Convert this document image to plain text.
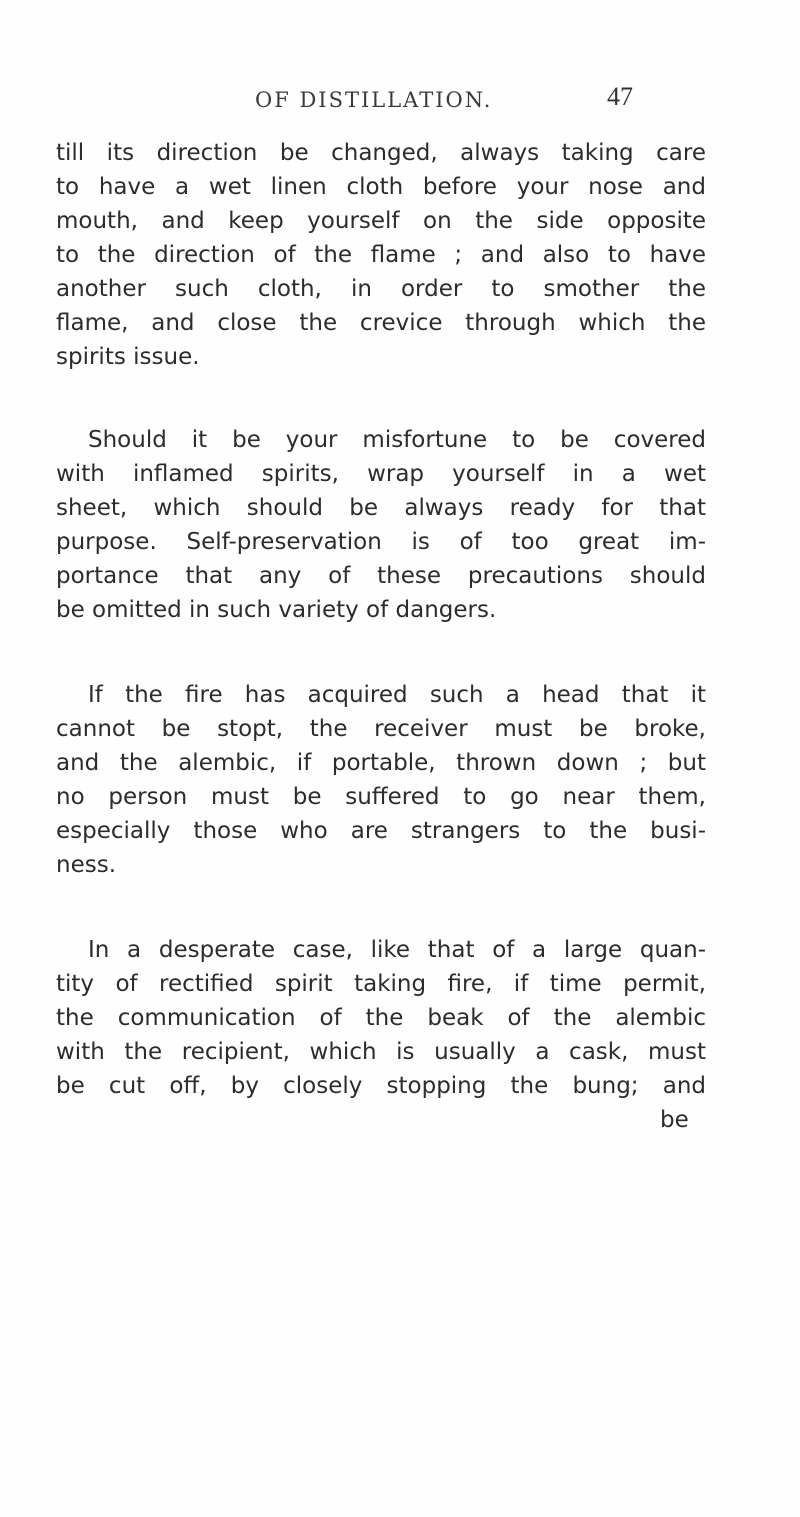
OF DISTILLATION.	47
till its direction be changed, always taking care
to have a wet linen cloth before your nose and
mouth, and keep yourself on the side opposite
to the direction of the flame ; and also to have
another such cloth, in order to smother the
flame, and close the crevice through which the
spirits issue.
Should it be your misfortune to be covered
with inflamed spirits, wrap yourself in a wet
sheet, which should be always ready for that
purpose. Self-preservation is of too great im-
portance that any of these precautions should
be omitted in such variety of dangers.
If the fire has acquired such a head that it
cannot be stopt, the receiver must be broke,
and the alembic, if portable, thrown down ; but
no person must be suffered to go near them,
especially those who are strangers to the busi-
ness.
In a desperate case, like that of a large quan-
tity of rectified spirit taking fire, if time permit,
the communication of the beak of the alembic
with the recipient, which is usually a cask, must
be cut off, by closely stopping the bung; and
be
